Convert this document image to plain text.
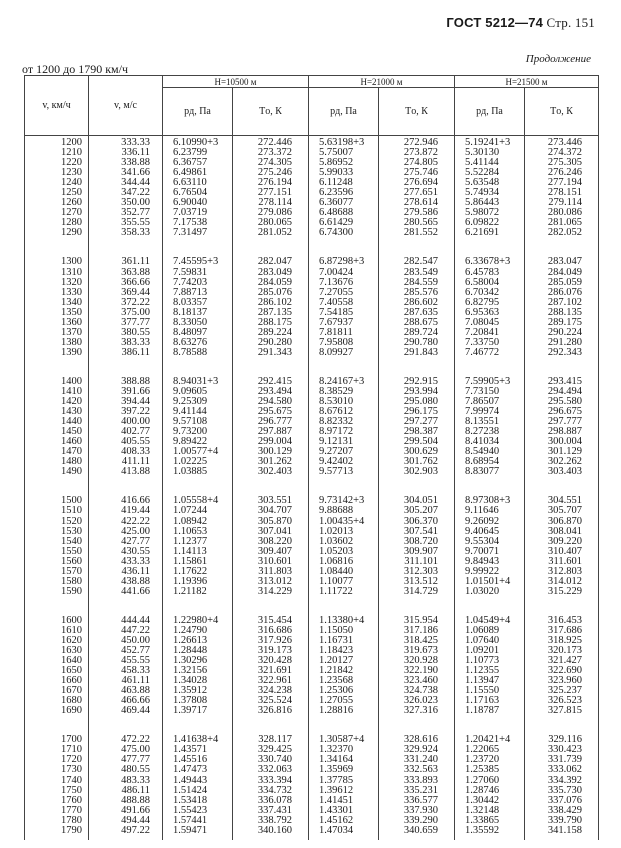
ГОСТ 5212—74 Стр. 151
Продолжение
от 1200 до 1790 км/ч
v, км/ч	v, м/с	H=10500 м		H=21000 м		H=21500 м	
		pд, Па	Tо, К	pд, Па	Tо, К	pд, Па	Tо, К
1200	333.33	6.10990+3	272.446	5.63198+3	272.946	5.19241+3	273.446
1210	336.11	6.23799	273.372	5.75007	273.872	5.30130	274.372
1220	338.88	6.36757	274.305	5.86952	274.805	5.41144	275.305
1230	341.66	6.49861	275.246	5.99033	275.746	5.52284	276.246
1240	344.44	6.63110	276.194	6.11248	276.694	5.63548	277.194
1250	347.22	6.76504	277.151	6.23596	277.651	5.74934	278.151
1260	350.00	6.90040	278.114	6.36077	278.614	5.86443	279.114
1270	352.77	7.03719	279.086	6.48688	279.586	5.98072	280.086
1280	355.55	7.17538	280.065	6.61429	280.565	6.09822	281.065
1290	358.33	7.31497	281.052	6.74300	281.552	6.21691	282.052

1300	361.11	7.45595+3	282.047	6.87298+3	282.547	6.33678+3	283.047
1310	363.88	7.59831	283.049	7.00424	283.549	6.45783	284.049
1320	366.66	7.74203	284.059	7.13676	284.559	6.58004	285.059
1330	369.44	7.88713	285.076	7.27055	285.576	6.70342	286.076
1340	372.22	8.03357	286.102	7.40558	286.602	6.82795	287.102
1350	375.00	8.18137	287.135	7.54185	287.635	6.95363	288.135
1360	377.77	8.33050	288.175	7.67937	288.675	7.08045	289.175
1370	380.55	8.48097	289.224	7.81811	289.724	7.20841	290.224
1380	383.33	8.63276	290.280	7.95808	290.780	7.33750	291.280
1390	386.11	8.78588	291.343	8.09927	291.843	7.46772	292.343

1400	388.88	8.94031+3	292.415	8.24167+3	292.915	7.59905+3	293.415
1410	391.66	9.09605	293.494	8.38529	293.994	7.73150	294.494
1420	394.44	9.25309	294.580	8.53010	295.080	7.86507	295.580
1430	397.22	9.41144	295.675	8.67612	296.175	7.99974	296.675
1440	400.00	9.57108	296.777	8.82332	297.277	8.13551	297.777
1450	402.77	9.73200	297.887	8.97172	298.387	8.27238	298.887
1460	405.55	9.89422	299.004	9.12131	299.504	8.41034	300.004
1470	408.33	1.00577+4	300.129	9.27207	300.629	8.54940	301.129
1480	411.11	1.02225	301.262	9.42402	301.762	8.68954	302.262
1490	413.88	1.03885	302.403	9.57713	302.903	8.83077	303.403

1500	416.66	1.05558+4	303.551	9.73142+3	304.051	8.97308+3	304.551
1510	419.44	1.07244	304.707	9.88688	305.207	9.11646	305.707
1520	422.22	1.08942	305.870	1.00435+4	306.370	9.26092	306.870
1530	425.00	1.10653	307.041	1.02013	307.541	9.40645	308.041
1540	427.77	1.12377	308.220	1.03602	308.720	9.55304	309.220
1550	430.55	1.14113	309.407	1.05203	309.907	9.70071	310.407
1560	433.33	1.15861	310.601	1.06816	311.101	9.84943	311.601
1570	436.11	1.17622	311.803	1.08440	312.303	9.99922	312.803
1580	438.88	1.19396	313.012	1.10077	313.512	1.01501+4	314.012
1590	441.66	1.21182	314.229	1.11722	314.729	1.03020	315.229

1600	444.44	1.22980+4	315.454	1.13380+4	315.954	1.04549+4	316.453
1610	447.22	1.24790	316.686	1.15050	317.186	1.06089	317.686
1620	450.00	1.26613	317.926	1.16731	318.425	1.07640	318.925
1630	452.77	1.28448	319.173	1.18423	319.673	1.09201	320.173
1640	455.55	1.30296	320.428	1.20127	320.928	1.10773	321.427
1650	458.33	1.32156	321.691	1.21842	322.190	1.12355	322.690
1660	461.11	1.34028	322.961	1.23568	323.460	1.13947	323.960
1670	463.88	1.35912	324.238	1.25306	324.738	1.15550	325.237
1680	466.66	1.37808	325.524	1.27055	326.023	1.17163	326.523
1690	469.44	1.39717	326.816	1.28816	327.316	1.18787	327.815

1700	472.22	1.41638+4	328.117	1.30587+4	328.616	1.20421+4	329.116
1710	475.00	1.43571	329.425	1.32370	329.924	1.22065	330.423
1720	477.77	1.45516	330.740	1.34164	331.240	1.23720	331.739
1730	480.55	1.47473	332.063	1.35969	332.563	1.25385	333.062
1740	483.33	1.49443	333.394	1.37785	333.893	1.27060	334.392
1750	486.11	1.51424	334.732	1.39612	335.231	1.28746	335.730
1760	488.88	1.53418	336.078	1.41451	336.577	1.30442	337.076
1770	491.66	1.55423	337.431	1.43301	337.930	1.32148	338.429
1780	494.44	1.57441	338.792	1.45162	339.290	1.33865	339.790
1790	497.22	1.59471	340.160	1.47034	340.659	1.35592	341.158
